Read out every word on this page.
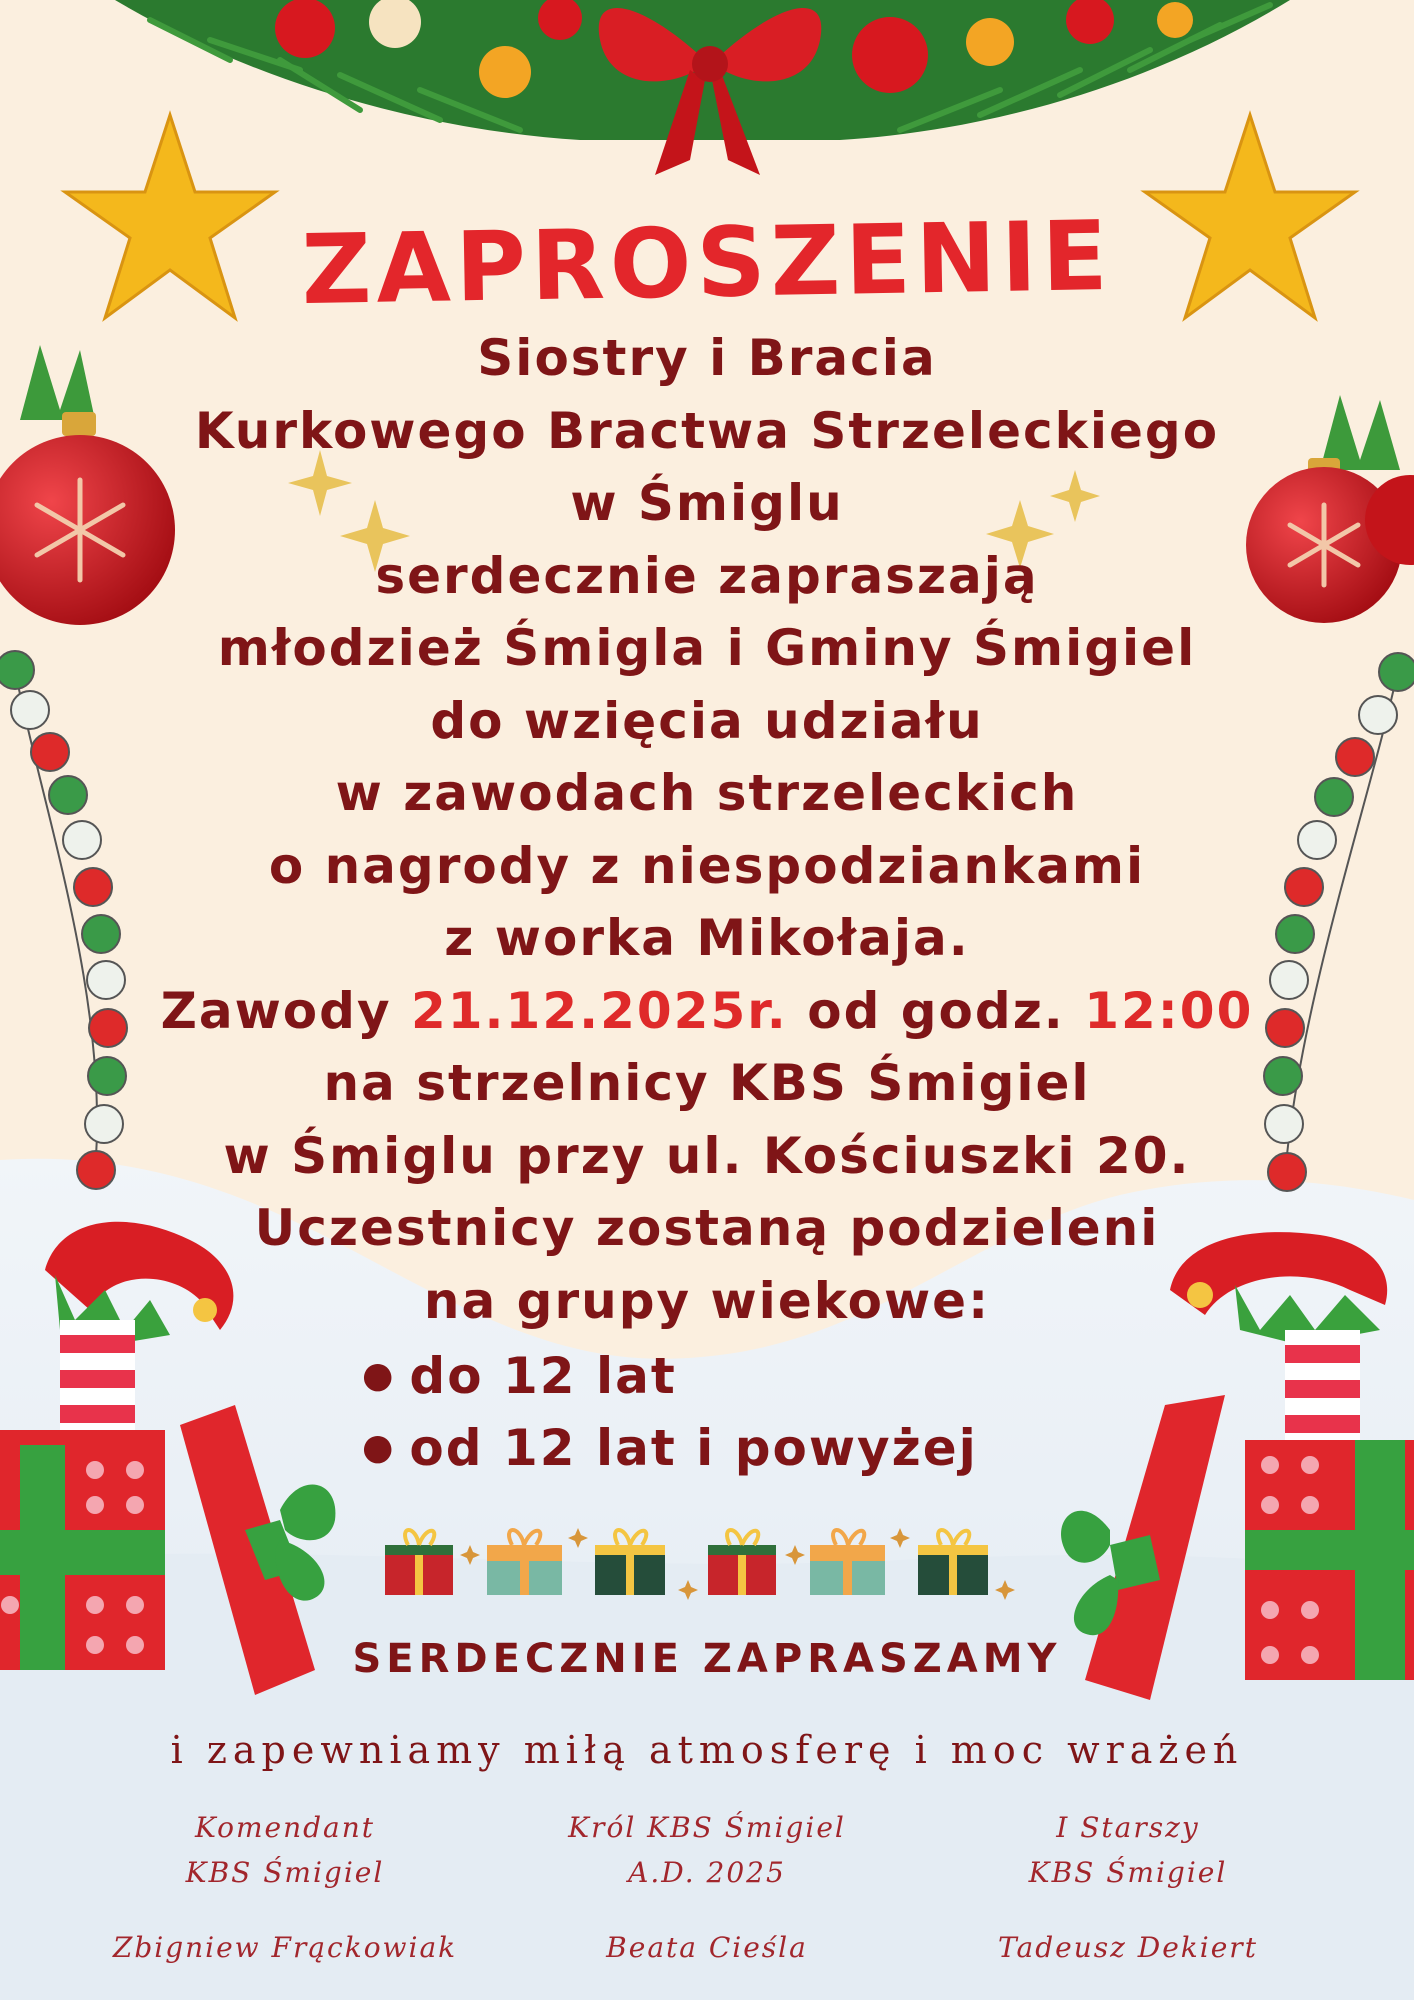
ZAPROSZENIE
Siostry i Bracia
Kurkowego Bractwa Strzeleckiego
w Śmiglu
serdecznie zapraszają
młodzież Śmigla i Gminy Śmigiel
do wzięcia udziału
w zawodach strzeleckich
o nagrody z niespodziankami
z worka Mikołaja.
Zawody 21.12.2025r. od godz. 12:00
na strzelnicy KBS Śmigiel
w Śmiglu przy ul. Kościuszki 20.
Uczestnicy zostaną podzieleni
na grupy wiekowe:
● do 12 lat
● od 12 lat i powyżej
SERDECZNIE ZAPRASZAMY
i zapewniamy miłą atmosferę i moc wrażeń
Komendant
KBS Śmigiel
Zbigniew Frąckowiak
Król KBS Śmigiel
A.D. 2025
Beata Cieśla
I Starszy
KBS Śmigiel
Tadeusz Dekiert
